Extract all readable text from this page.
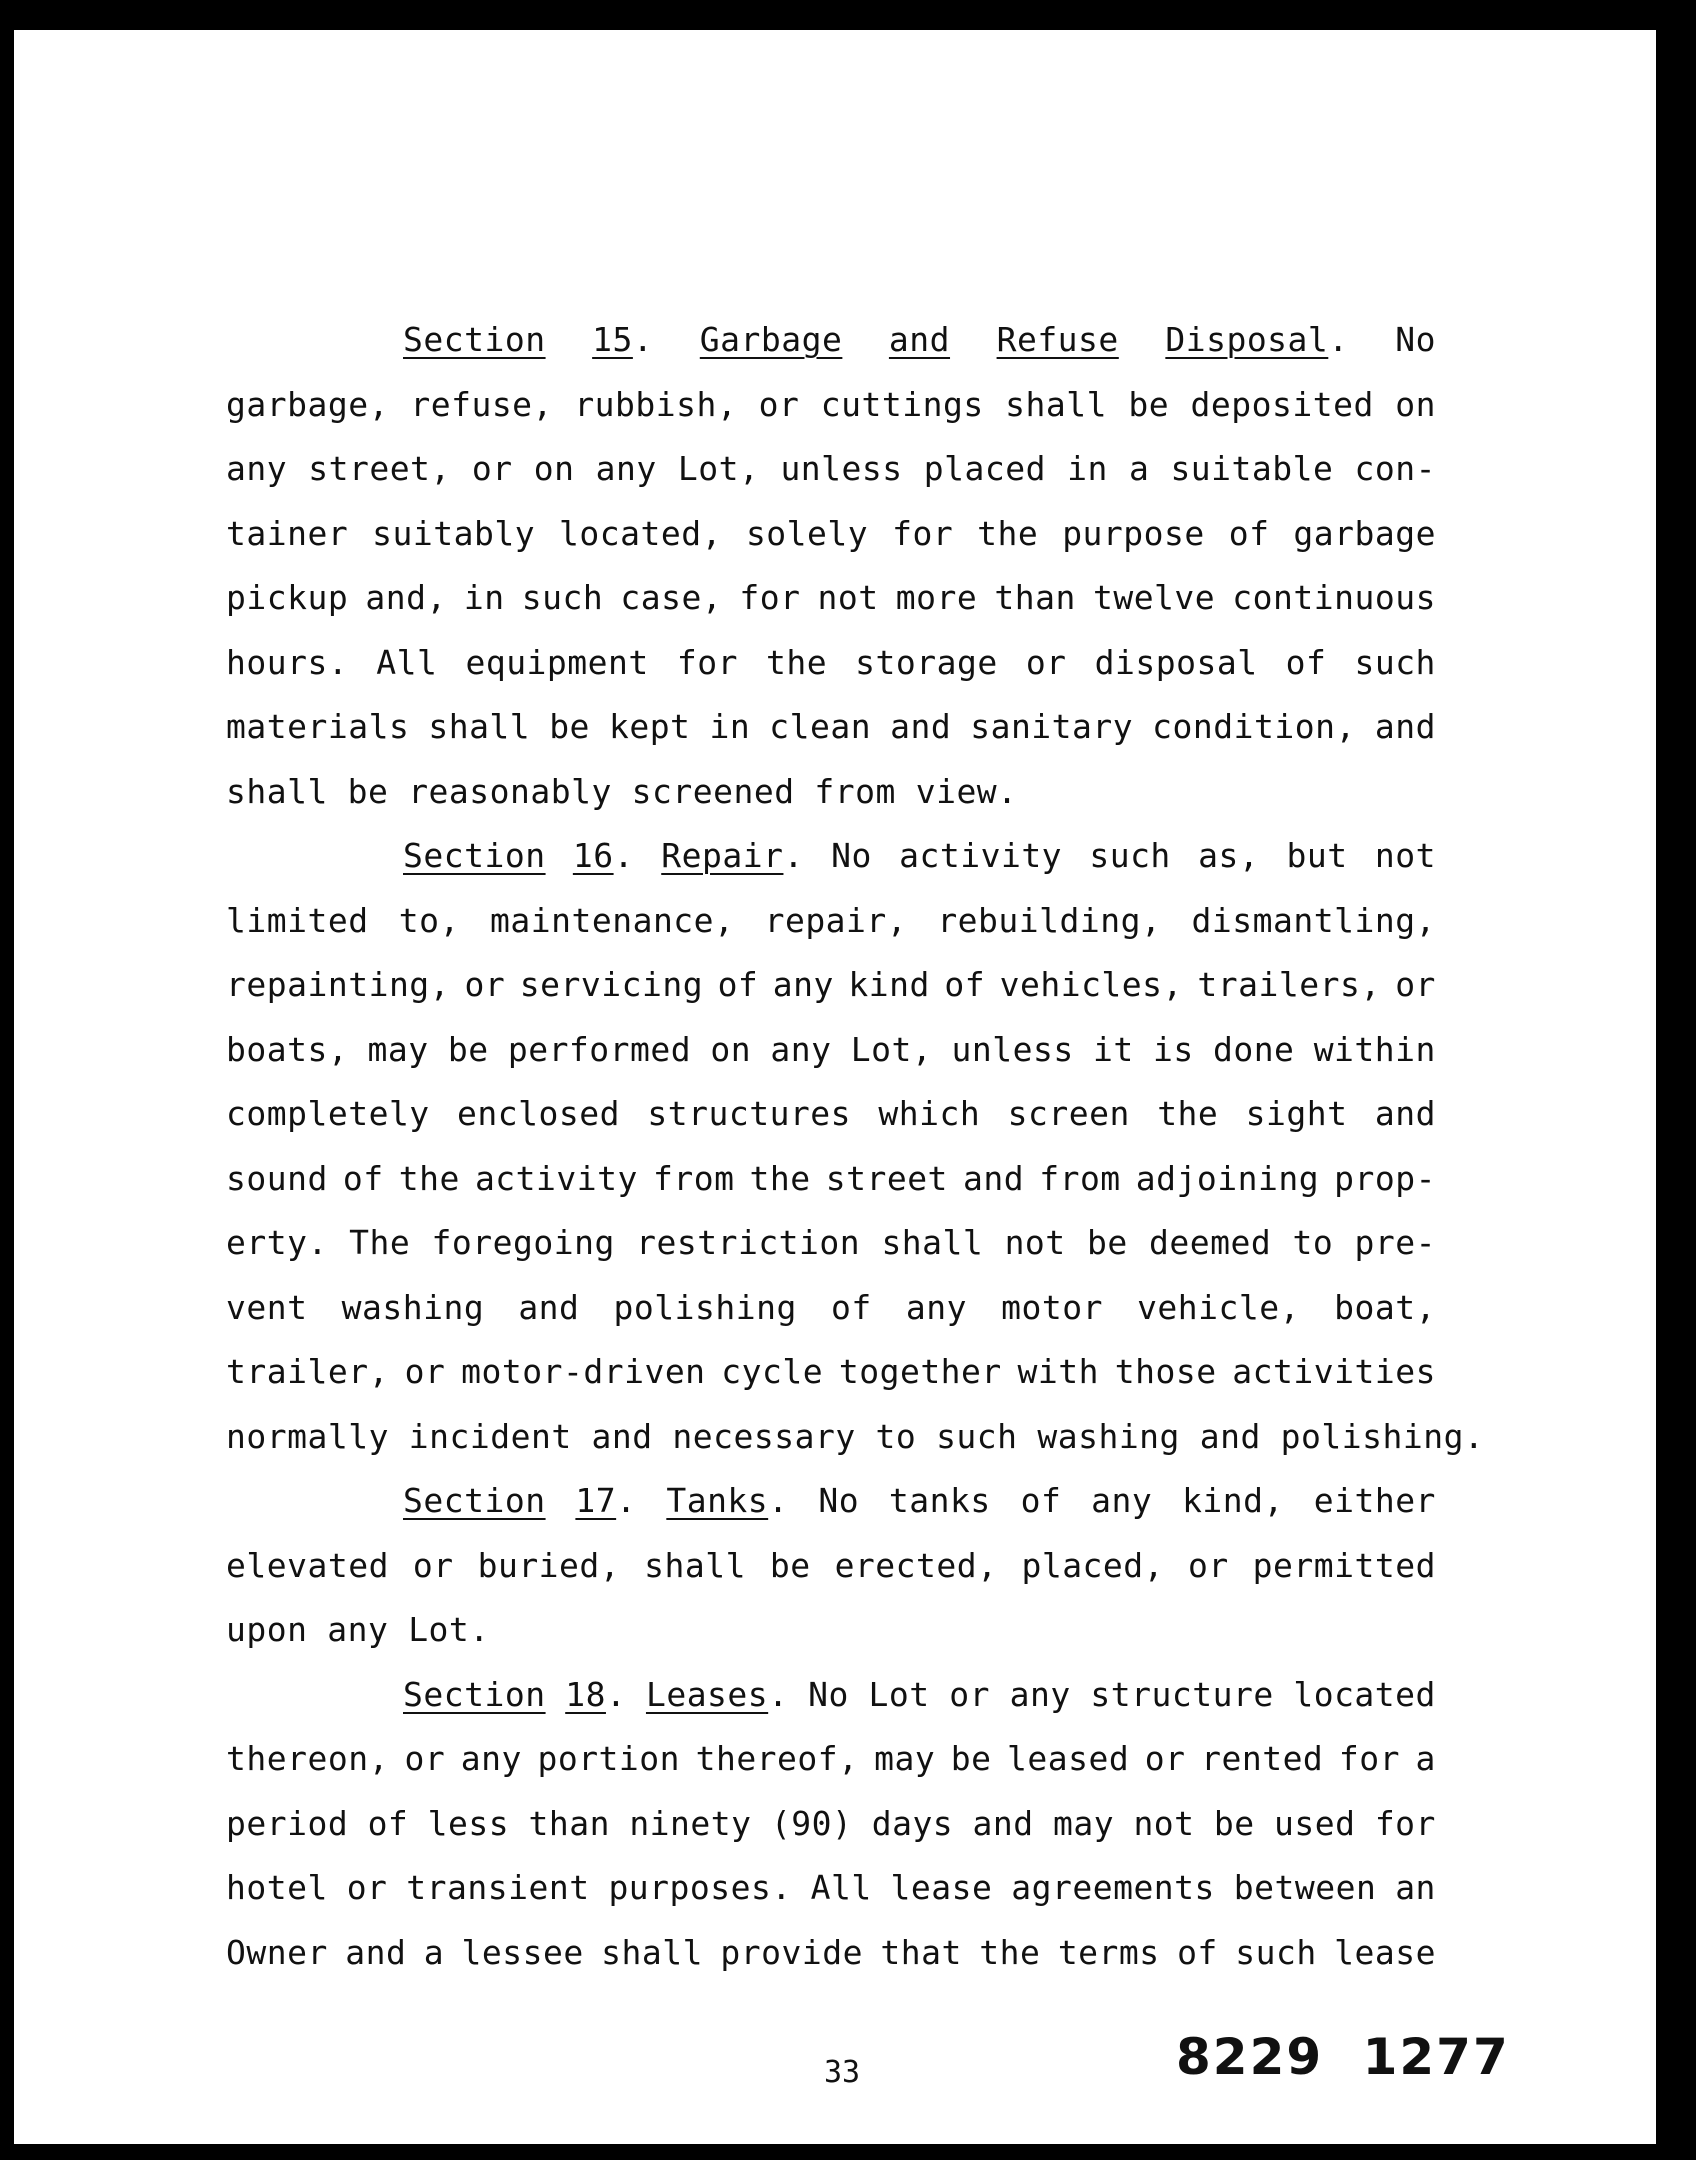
Section 15. Garbage and Refuse Disposal. No
garbage, refuse, rubbish, or cuttings shall be deposited on
any street, or on any Lot, unless placed in a suitable con-
tainer suitably located, solely for the purpose of garbage
pickup and, in such case, for not more than twelve continuous
hours. All equipment for the storage or disposal of such
materials shall be kept in clean and sanitary condition, and
shall be reasonably screened from view.
Section 16. Repair. No activity such as, but not
limited to, maintenance, repair, rebuilding, dismantling,
repainting, or servicing of any kind of vehicles, trailers, or
boats, may be performed on any Lot, unless it is done within
completely enclosed structures which screen the sight and
sound of the activity from the street and from adjoining prop-
erty. The foregoing restriction shall not be deemed to pre-
vent washing and polishing of any motor vehicle, boat,
trailer, or motor-driven cycle together with those activities
normally incident and necessary to such washing and polishing.
Section 17. Tanks. No tanks of any kind, either
elevated or buried, shall be erected, placed, or permitted
upon any Lot.
Section 18. Leases. No Lot or any structure located
thereon, or any portion thereof, may be leased or rented for a
period of less than ninety (90) days and may not be used for
hotel or transient purposes. All lease agreements between an
Owner and a lessee shall provide that the terms of such lease
33	8229 1277
